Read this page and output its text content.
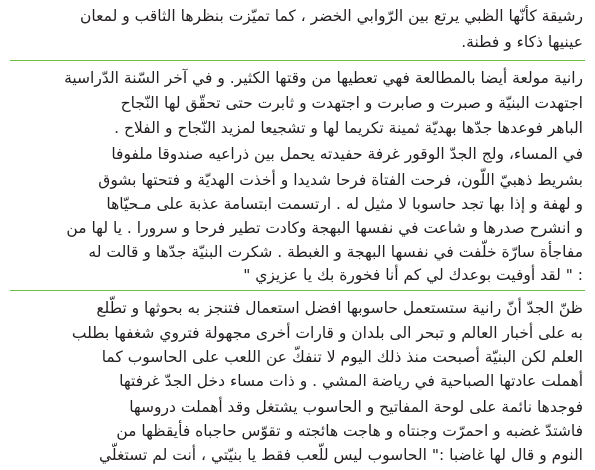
رشيقة كأنّها الظبي يرتع بين الرّوابي الخضر ، كما تميّزت بنظرها الثاقب و لمعان
عينيها ذكاء و فطنة.
رانية مولعة أيضا بالمطالعة فهي تعطيها من وقتها الكثير. و في آخر السّنة الدّراسية
اجتهدت البنيّة و صبرت و صابرت و اجتهدت و ثابرت حتى تحقّق لها النّجاح
الباهر فوعدها جدّها بهديّة ثمينة تكريما لها و تشجيعا لمزيد النّجاح و الفلاح .
في المساء، ولج الجدّ الوقور غرفة حفيدته يحمل بين ذراعيه صندوقا ملفوفا
بشريط ذهبيّ اللّون، فرحت الفتاة فرحا شديدا و أخذت الهديّة و فتحتها بشوق
و لهفة و إذا بها تجد حاسوبا لا مثيل له . ارتسمت ابتسامة عذبة على مـحيّاها
و انشرح صدرها و شاعت في نفسها البهجة وكادت تطير فرحا و سرورا . يا لها من
مفاجأة سارّة خلّفت في نفسها البهجة و الغبطة . شكرت البنيّة جدّها و قالت له
: " لقد أوفيت بوعدك لي كم أنا فخورة بك يا عزيزي "
ظنّ الجدّ أنّ رانية ستستعمل حاسوبها افضل استعمال فتنجز به بحوثها و تطّلع
به على أخبار العالم و تبحر الى بلدان و قارات أخرى مجهولة فتروي شغفها بطلب
العلم لكن البنيّة أصبحت منذ ذلك اليوم لا تنفكّ عن اللعب على الحاسوب كما
أهملت عادتها الصباحية في رياضة المشي . و ذات مساء دخل الجدّ غرفتها
فوجدها نائمة على لوحة المفاتيح و الحاسوب يشتغل وقد أهملت دروسها
فاشتدّ غضبه و احمرّت وجنتاه و هاجت هائجته و تقوّس حاجباه فأيقظها من
النوم و قال لها غاضبا :" الحاسوب ليس للّعب فقط يا بنيّتي ، أنت لم تستغلّي
